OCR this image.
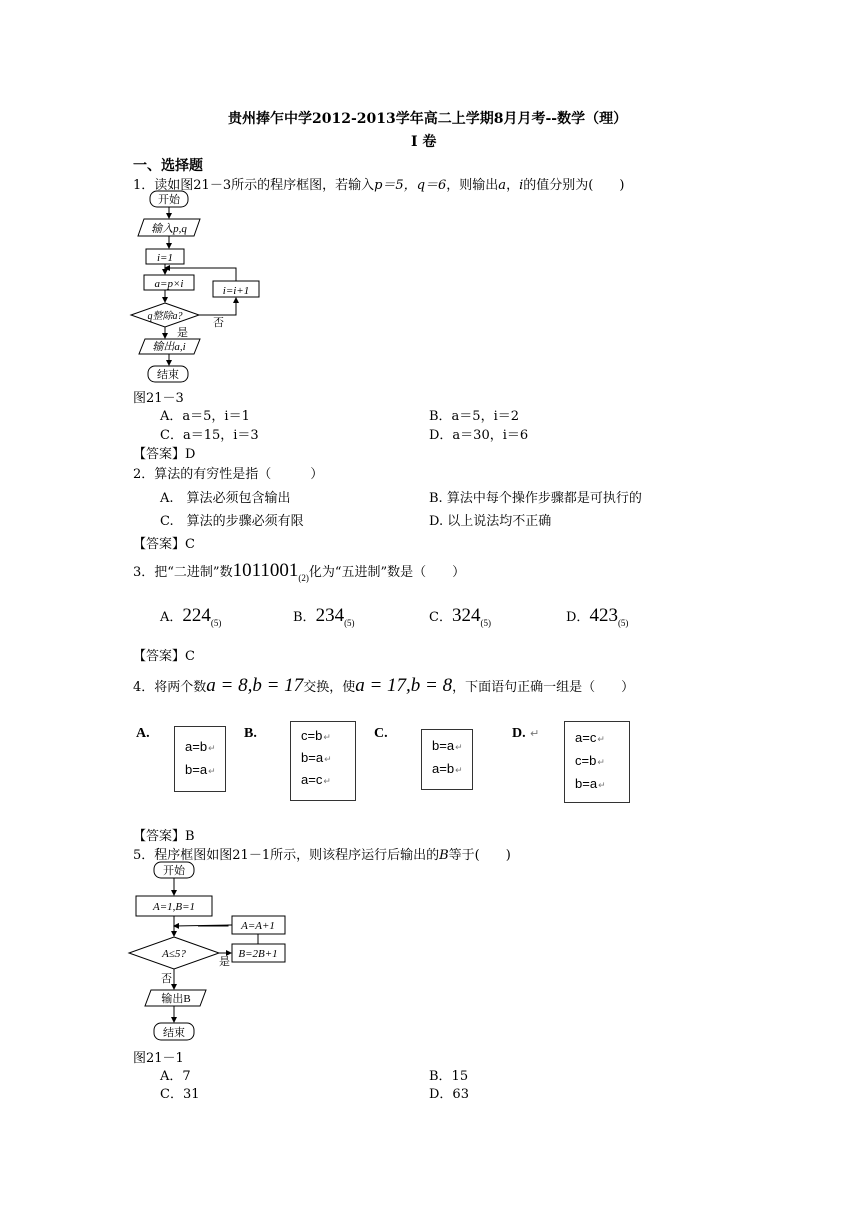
贵州捧乍中学2012-2013学年高二上学期8月月考--数学（理）
I 卷
一、选择题
1．读如图21－3所示的程序框图，若输入p＝5，q＝6，则输出a，i的值分别为(　　)
开始
输入p,q
i=1
a=p×i
i=i+1
q整除a?
是
否
输出a,i
结束
图21－3
A．a＝5，i＝1	B．a＝5，i＝2
C．a＝15，i＝3	D．a＝30，i＝6
【答案】D
2．算法的有穷性是指（　　　）
A.　算法必须包含输出	B. 算法中每个操作步骤都是可执行的
C.　算法的步骤必须有限	D. 以上说法均不正确
【答案】C
3．把“二进制”数$1011001_{(2)}$化为“五进制”数是（　　）
A．$224_{(5)}$	B．$234_{(5)}$	C．$324_{(5)}$	D．$423_{(5)}$
【答案】C
4．将两个数a = 8,b = 17交换，使a = 17,b = 8，下面语句正确一组是（　　）
A.
a=b↵
b=a↵
B.	c=b↵
b=a↵
a=c↵
C.
b=a↵
a=b↵
D. ↵	a=c↵
c=b↵
b=a↵
【答案】B
5．程序框图如图21－1所示，则该程序运行后输出的B等于(　　)
开始
A=1,B=1
A=A+1
A≤5?	B=2B+1
是
否
输出B
结束
图21－1
A．7	B．15
C．31	D．63
